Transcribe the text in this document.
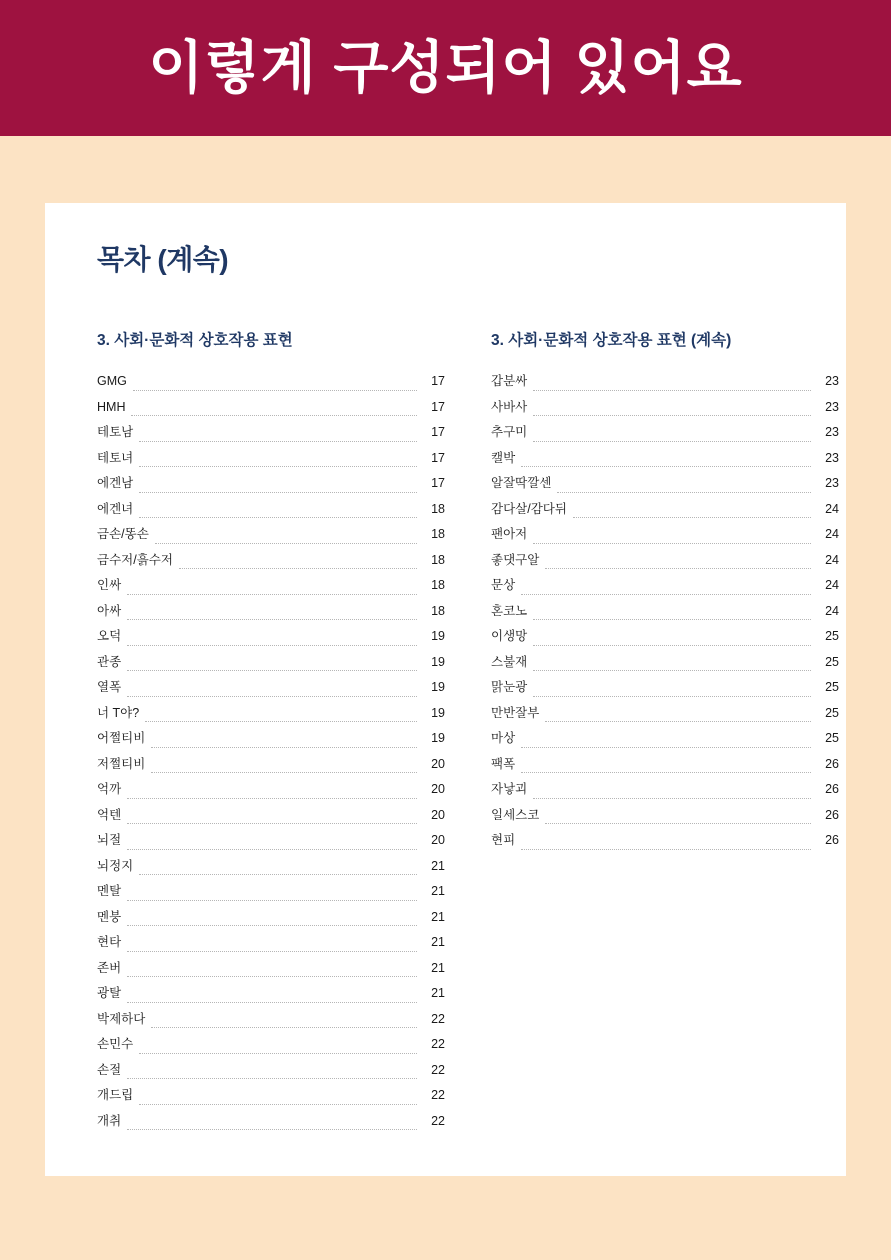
이렇게 구성되어 있어요
목차 (계속)
3. 사회·문화적 상호작용 표현
GMG	17
HMH	17
테토남	17
테토녀	17
에겐남	17
에겐녀	18
금손/똥손	18
금수저/흙수저	18
인싸	18
아싸	18
오덕	19
관종	19
열폭	19
너 T야?	19
어쩔티비	19
저쩔티비	20
억까	20
억텐	20
뇌절	20
뇌정지	21
멘탈	21
멘붕	21
현타	21
존버	21
광탈	21
박제하다	22
손민수	22
손절	22
개드립	22
개취	22
3. 사회·문화적 상호작용 표현 (계속)
갑분싸	23
사바사	23
추구미	23
캘박	23
알잘딱깔센	23
감다살/감다뒤	24
팬아저	24
좋댓구알	24
문상	24
혼코노	24
이생망	25
스불재	25
맑눈광	25
만반잘부	25
마상	25
팩폭	26
자낳괴	26
일세스코	26
현피	26
